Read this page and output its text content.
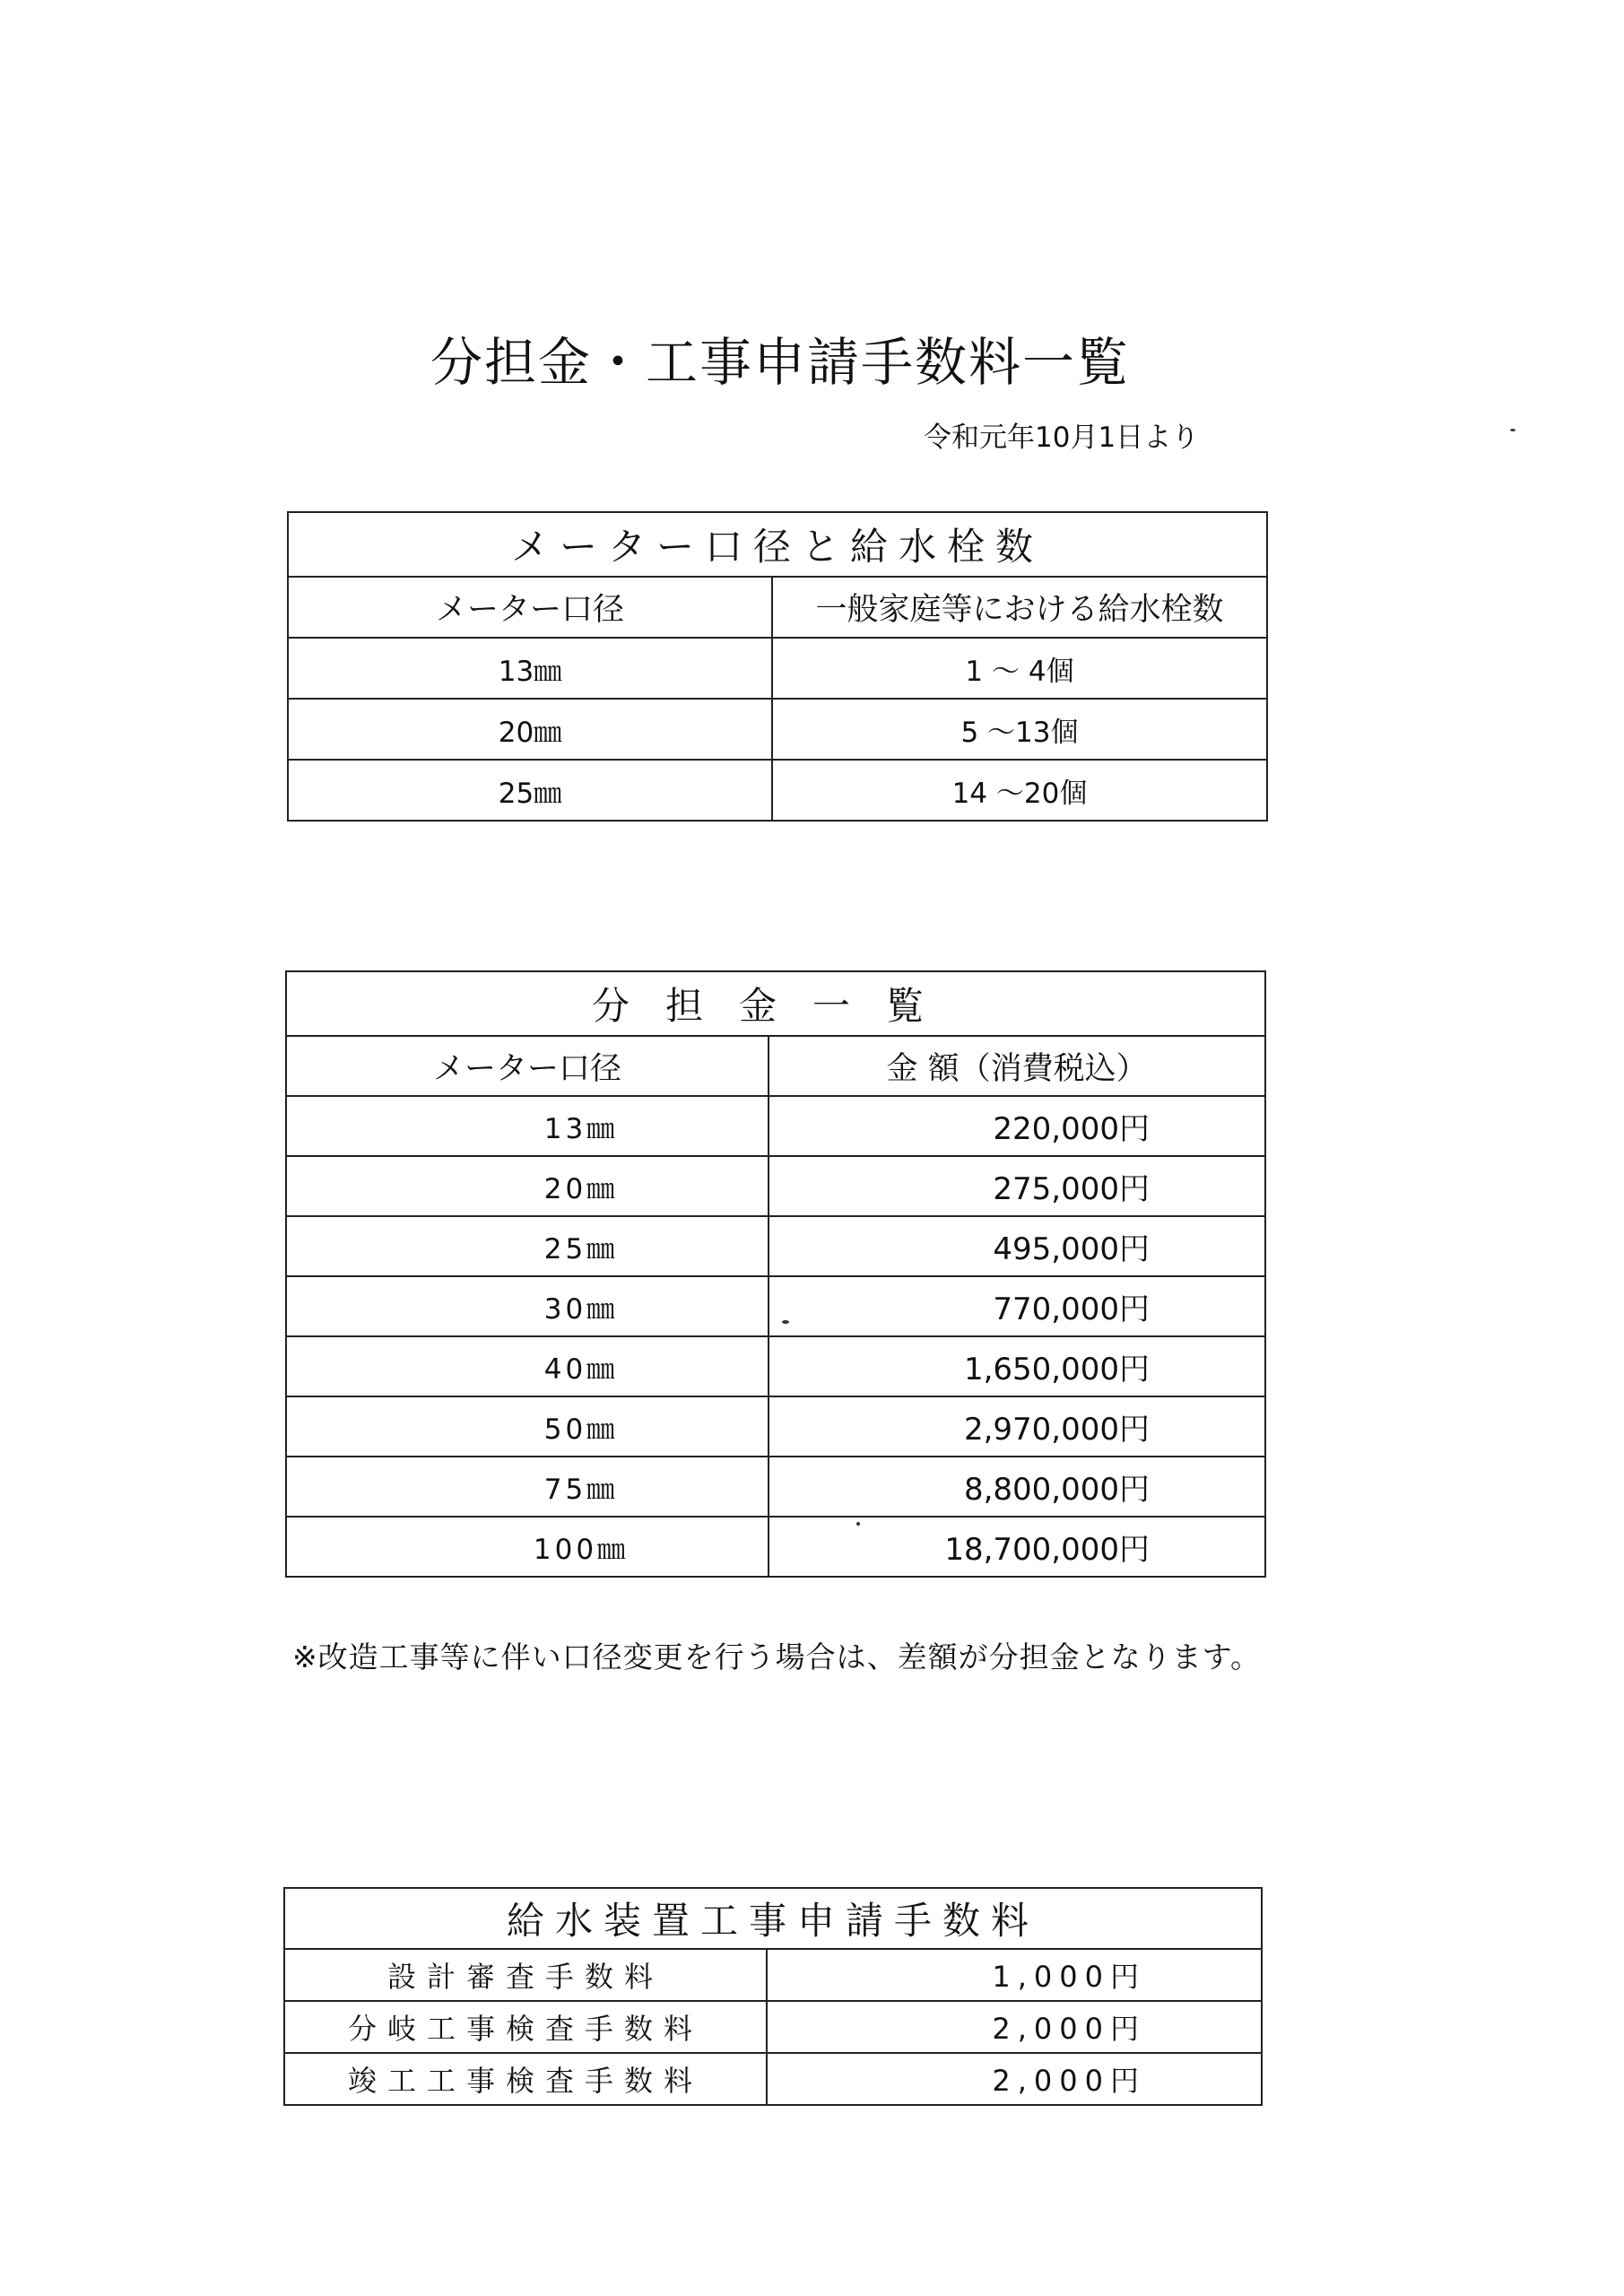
分担金・工事申請手数料一覧
令和元年10月1日より
メーター口径と給水栓数	
メーター口径	一般家庭等における給水栓数
13㎜	1 ～ 4個
20㎜	5 ～13個
25㎜	14 ～20個
分担金一覧	
メーター口径	金 額（消費税込）
13㎜	220,000円
20㎜	275,000円
25㎜	495,000円
30㎜	770,000円
40㎜	1,650,000円
50㎜	2,970,000円
75㎜	8,800,000円
100㎜	18,700,000円
※改造工事等に伴い口径変更を行う場合は、差額が分担金となります。
給水装置工事申請手数料	
設計審査手数料	1,000円
分岐工事検査手数料	2,000円
竣工工事検査手数料	2,000円
